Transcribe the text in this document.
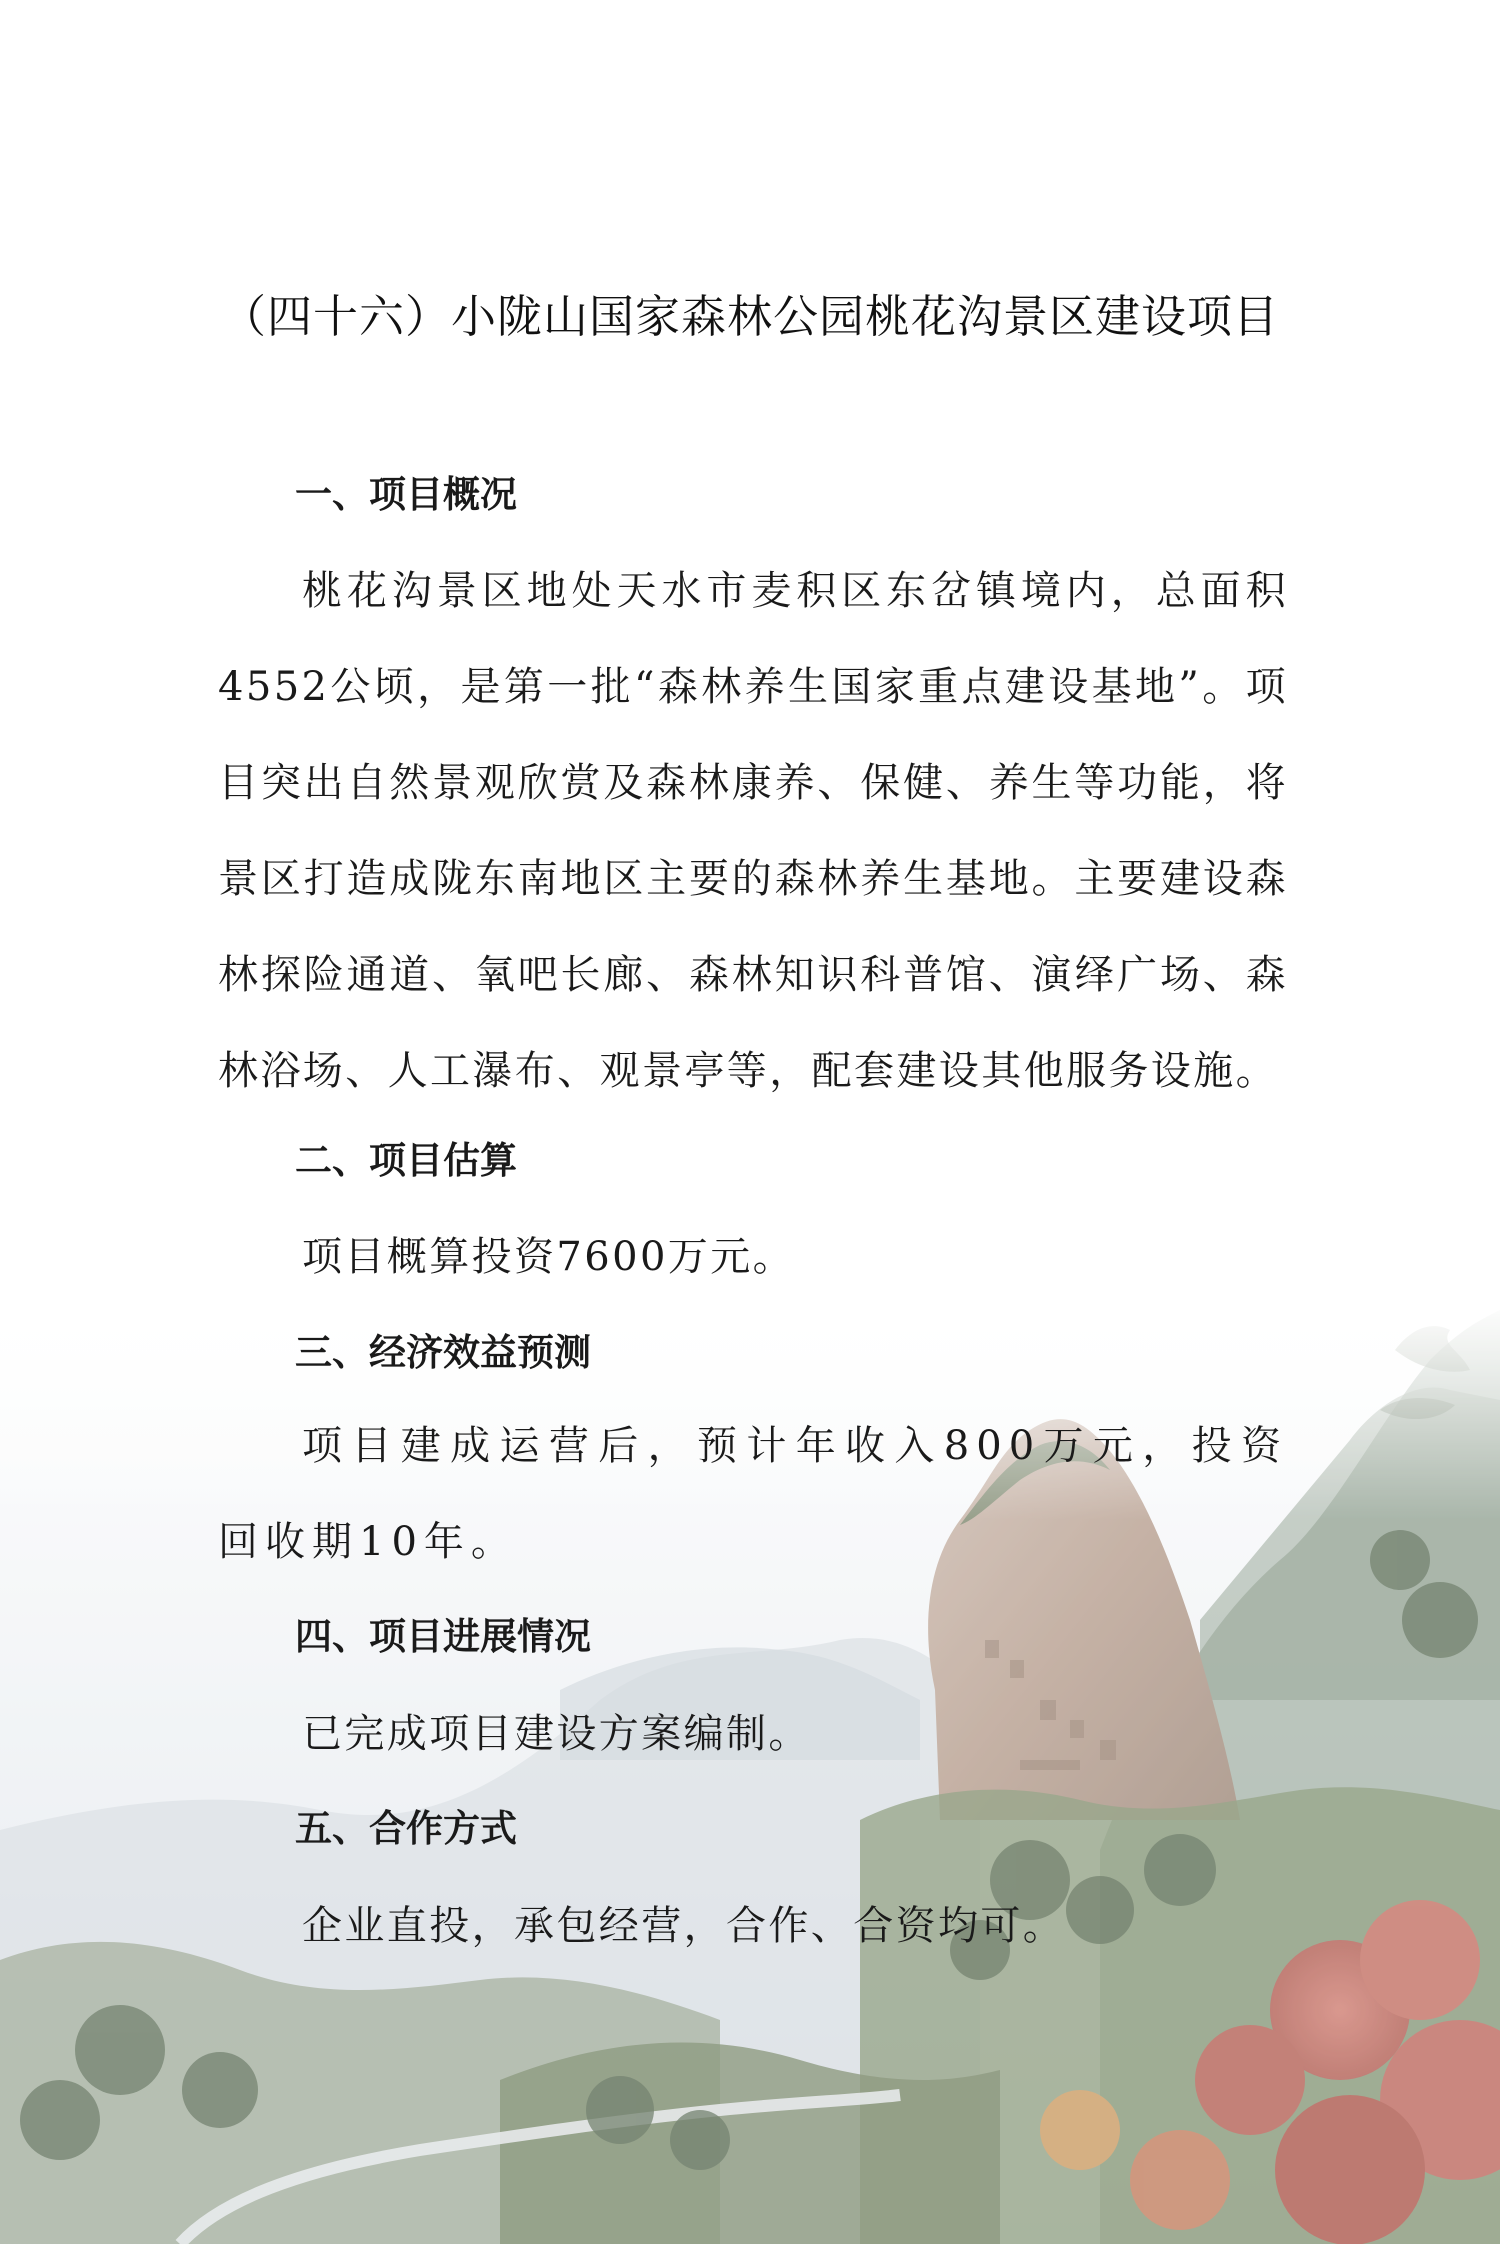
（四十六）小陇山国家森林公园桃花沟景区建设项目
一、项目概况

桃花沟景区地处天水市麦积区东岔镇境内，总面积4552公顷，是第一批“森林养生国家重点建设基地”。项目突出自然景观欣赏及森林康养、保健、养生等功能，将景区打造成陇东南地区主要的森林养生基地。主要建设森林探险通道、氧吧长廊、森林知识科普馆、演绎广场、森林浴场、人工瀑布、观景亭等，配套建设其他服务设施。

二、项目估算

项目概算投资7600万元。

三、经济效益预测

项目建成运营后，预计年收入800万元，投资回收期10年。

四、项目进展情况

已完成项目建设方案编制。

五、合作方式

企业直投，承包经营，合作、合资均可。
